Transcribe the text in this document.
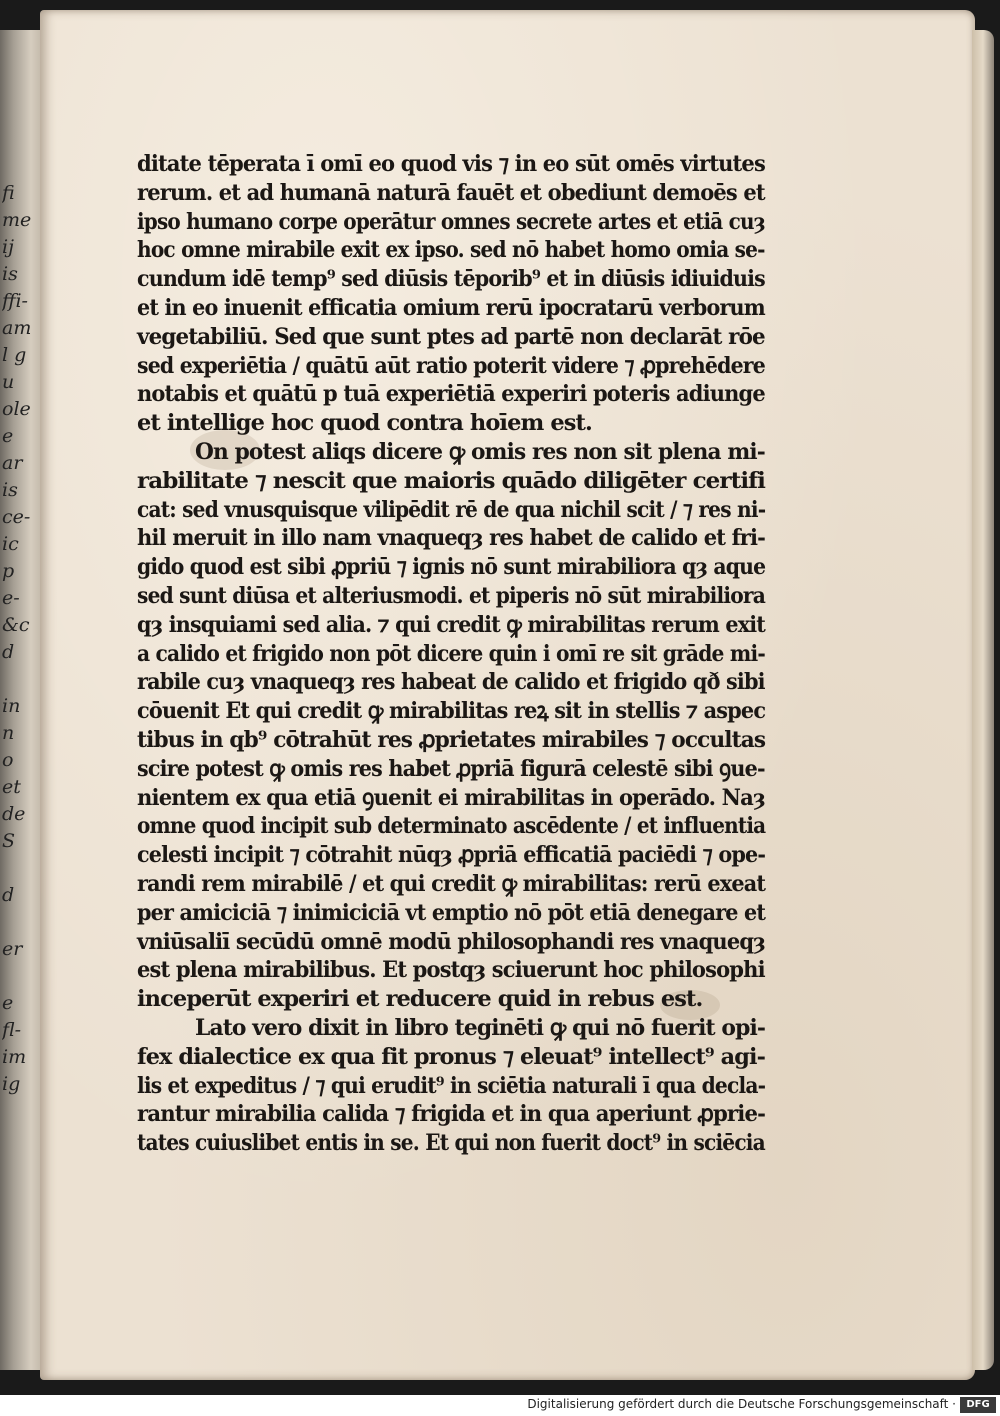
fi
me
ij
is
ffi-
am
l g
u
ole
e
ar
is
ce-
ic
p
e-
&c
d
in
n
o
et
de
S
d
er
e
fl-
im
ig
ditate tēperata ī omī eo quod vis ⁊ in eo sūt omēs virtutes
rerum. et ad humanā naturā fauēt et obediunt demoēs et
ipso humano corpe operātur omnes secrete artes et etiā cuȝ
hoc omne mirabile exit ex ipso. sed nō habet homo omia se-
cundum idē temp⁹ sed diūsis tēporib⁹ et in diūsis idiuiduis
et in eo inuenit efficatia omium rerū ipocratarū verborum
vegetabiliū. Sed que sunt ptes ad partē non declarāt rōe
sed experiētia / quātū aūt ratio poterit videre ⁊ ꝓprehēdere
notabis et quātū p tuā experiētiā experiri poteris adiunge
et intellige hoc quod contra hoīem est.
On potest aliqs dicere ꝙ omis res non sit plena mi-
rabilitate ⁊ nescit que maioris quādo diligēter certifi
cat: sed vnusquisque vilipēdit rē de qua nichil scit / ⁊ res ni-
hil meruit in illo nam vnaqueqȝ res habet de calido et fri-
gido quod est sibi ꝓpriū ⁊ ignis nō sunt mirabiliora qȝ aque
sed sunt diūsa et alteriusmodi. et piperis nō sūt mirabiliora
qȝ insquiami sed alia. ⁊ qui credit ꝙ mirabilitas rerum exit
a calido et frigido non pōt dicere quin i omī re sit grāde mi-
rabile cuȝ vnaqueqȝ res habeat de calido et frigido qð sibi
cōuenit Et qui credit ꝙ mirabilitas reꝝ sit in stellis ⁊ aspec
tibus in qb⁹ cōtrahūt res ꝓprietates mirabiles ⁊ occultas
scire potest ꝙ omis res habet ꝓpriā figurā celestē sibi ꝯue-
nientem ex qua etiā ꝯuenit ei mirabilitas in operādo. Naȝ
omne quod incipit sub determinato ascēdente / et influentia
celesti incipit ⁊ cōtrahit nūqȝ ꝓpriā efficatiā paciēdi ⁊ ope-
randi rem mirabilē / et qui credit ꝙ mirabilitas: rerū exeat
per amiciciā ⁊ inimiciciā vt emptio nō pōt etiā denegare et
vniūsaliī secūdū omnē modū philosophandi res vnaqueqȝ
est plena mirabilibus. Et postqȝ sciuerunt hoc philosophi
inceperūt experiri et reducere quid in rebus est.
Lato vero dixit in libro teginēti ꝙ qui nō fuerit opi-
fex dialectice ex qua fit pronus ⁊ eleuat⁹ intellect⁹ agi-
lis et expeditus / ⁊ qui erudit⁹ in sciētia naturali ī qua decla-
rantur mirabilia calida ⁊ frigida et in qua aperiunt ꝓprie-
tates cuiuslibet entis in se. Et qui non fuerit doct⁹ in sciēcia
Digitalisierung gefördert durch die Deutsche Forschungsgemeinschaft ·	DFG
